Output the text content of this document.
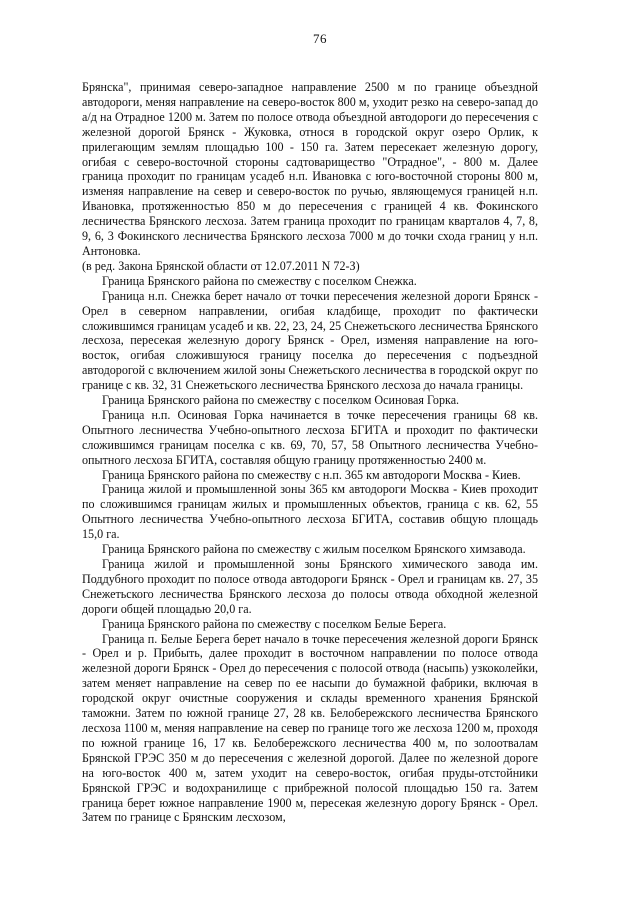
76

Брянска", принимая северо-западное направление 2500 м по границе объездной автодороги, меняя направление на северо-восток 800 м, уходит резко на северо-запад до а/д на Отрадное 1200 м. Затем по полосе отвода объездной автодороги до пересечения с железной дорогой Брянск - Жуковка, относя в городской округ озеро Орлик, к прилегающим землям площадью 100 - 150 га. Затем пересекает железную дорогу, огибая с северо-восточной стороны садтоварищество "Отрадное", - 800 м. Далее граница проходит по границам усадеб н.п. Ивановка с юго-восточной стороны 800 м, изменяя направление на север и северо-восток по ручью, являющемуся границей н.п. Ивановка, протяженностью 850 м до пересечения с границей 4 кв. Фокинского лесничества Брянского лесхоза. Затем граница проходит по границам кварталов 4, 7, 8, 9, 6, 3 Фокинского лесничества Брянского лесхоза 7000 м до точки схода границ у н.п. Антоновка.

(в ред. Закона Брянской области от 12.07.2011 N 72-З)

Граница Брянского района по смежеству с поселком Снежка.

Граница н.п. Снежка берет начало от точки пересечения железной дороги Брянск - Орел в северном направлении, огибая кладбище, проходит по фактически сложившимся границам усадеб и кв. 22, 23, 24, 25 Снежетьского лесничества Брянского лесхоза, пересекая железную дорогу Брянск - Орел, изменяя направление на юго-восток, огибая сложившуюся границу поселка до пересечения с подъездной автодорогой с включением жилой зоны Снежетьского лесничества в городской округ по границе с кв. 32, 31 Снежетьского лесничества Брянского лесхоза до начала границы.

Граница Брянского района по смежеству с поселком Осиновая Горка.

Граница н.п. Осиновая Горка начинается в точке пересечения границы 68 кв. Опытного лесничества Учебно-опытного лесхоза БГИТА и проходит по фактически сложившимся границам поселка с кв. 69, 70, 57, 58 Опытного лесничества Учебно-опытного лесхоза БГИТА, составляя общую границу протяженностью 2400 м.

Граница Брянского района по смежеству с н.п. 365 км автодороги Москва - Киев.

Граница жилой и промышленной зоны 365 км автодороги Москва - Киев проходит по сложившимся границам жилых и промышленных объектов, граница с кв. 62, 55 Опытного лесничества Учебно-опытного лесхоза БГИТА, составив общую площадь 15,0 га.

Граница Брянского района по смежеству с жилым поселком Брянского химзавода.

Граница жилой и промышленной зоны Брянского химического завода им. Поддубного проходит по полосе отвода автодороги Брянск - Орел и границам кв. 27, 35 Снежетьского лесничества Брянского лесхоза до полосы отвода обходной железной дороги общей площадью 20,0 га.

Граница Брянского района по смежеству с поселком Белые Берега.

Граница п. Белые Берега берет начало в точке пересечения железной дороги Брянск - Орел и р. Прибыть, далее проходит в восточном направлении по полосе отвода железной дороги Брянск - Орел до пересечения с полосой отвода (насыпь) узкоколейки, затем меняет направление на север по ее насыпи до бумажной фабрики, включая в городской округ очистные сооружения и склады временного хранения Брянской таможни. Затем по южной границе 27, 28 кв. Белобережского лесничества Брянского лесхоза 1100 м, меняя направление на север по границе того же лесхоза 1200 м, проходя по южной границе 16, 17 кв. Белобережского лесничества 400 м, по золоотвалам Брянской ГРЭС 350 м до пересечения с железной дорогой. Далее по железной дороге на юго-восток 400 м, затем уходит на северо-восток, огибая пруды-отстойники Брянской ГРЭС и водохранилище с прибрежной полосой площадью 150 га. Затем граница берет южное направление 1900 м, пересекая железную дорогу Брянск - Орел. Затем по границе с Брянским лесхозом,
